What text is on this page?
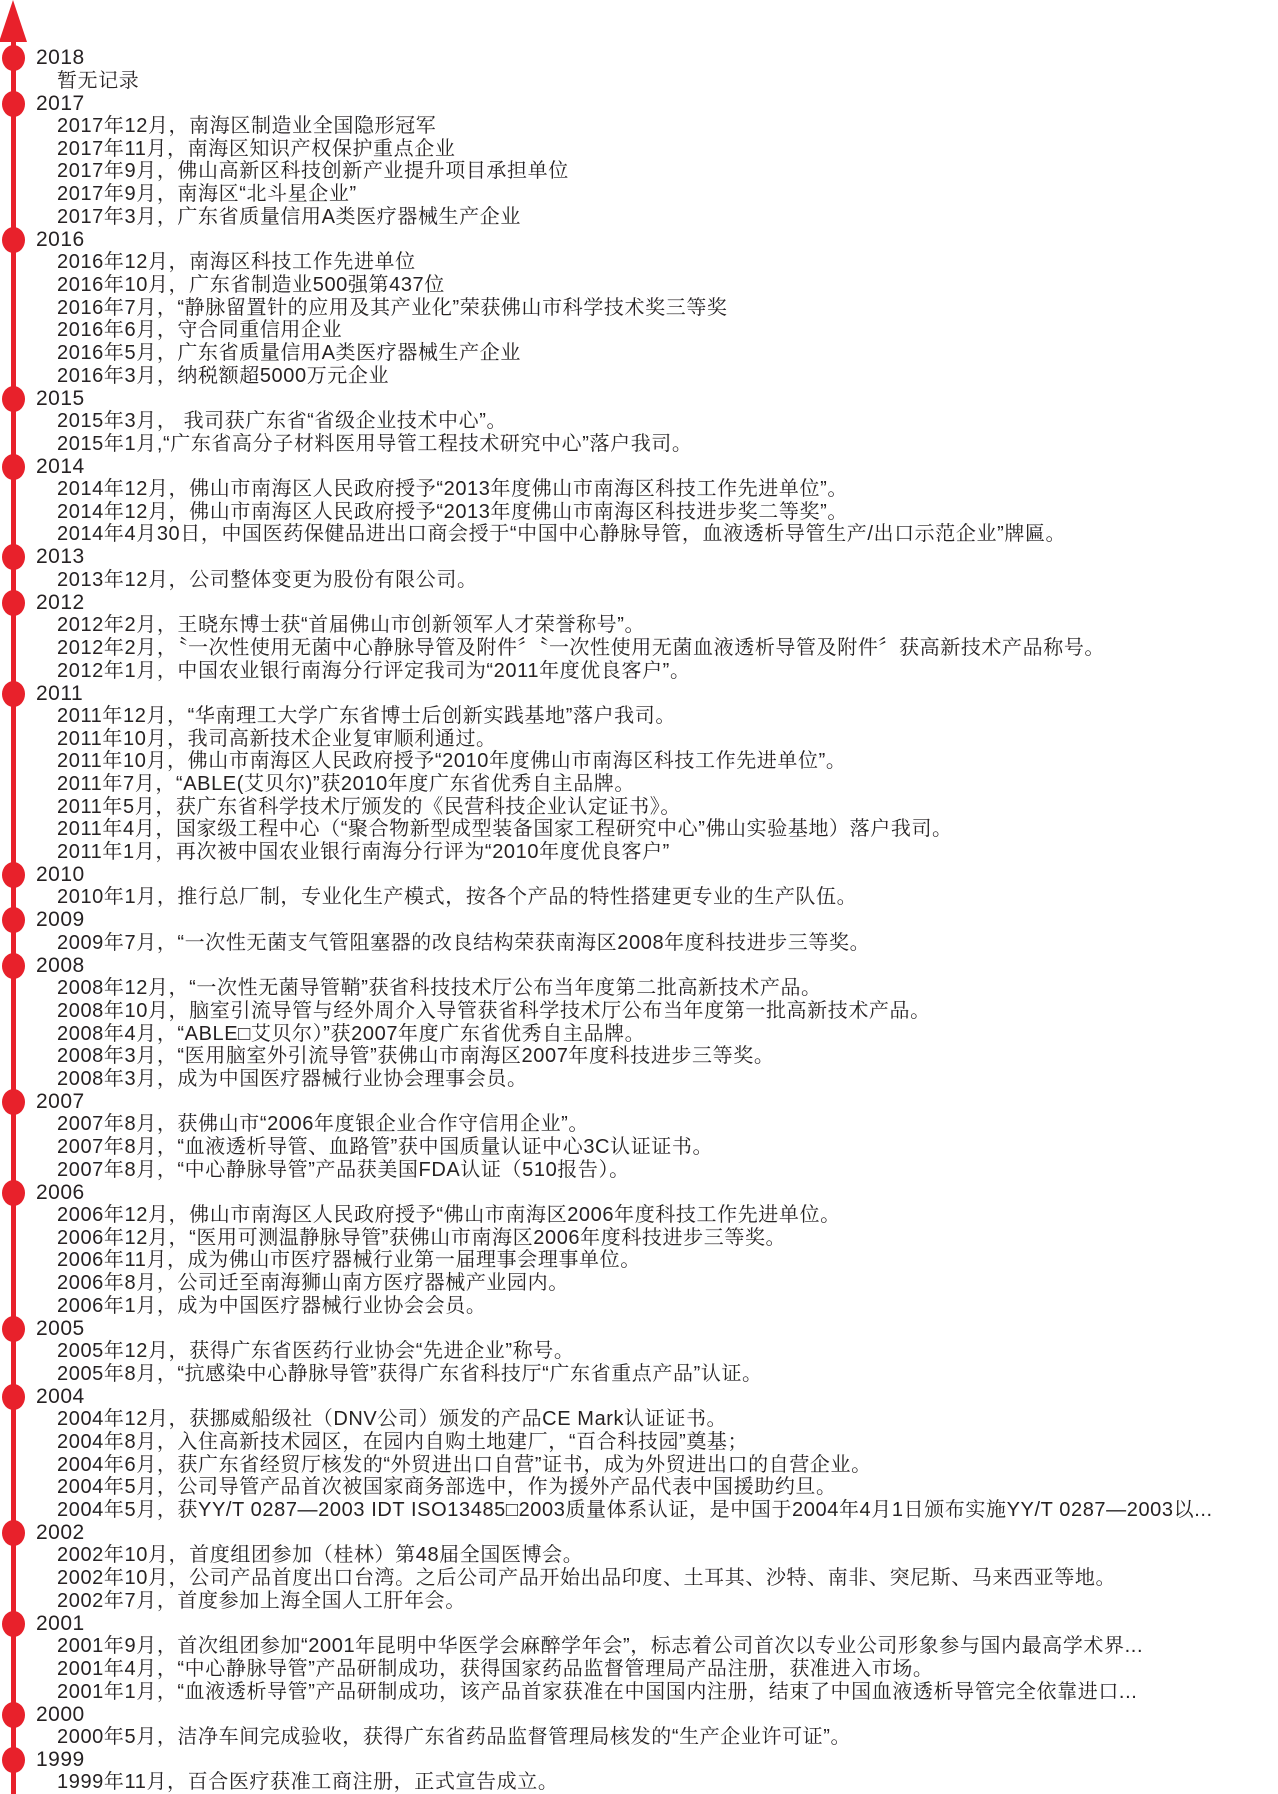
2018
暂无记录
2017
2017年12月，南海区制造业全国隐形冠军
2017年11月，南海区知识产权保护重点企业
2017年9月，佛山高新区科技创新产业提升项目承担单位
2017年9月，南海区“北斗星企业”
2017年3月，广东省质量信用A类医疗器械生产企业
2016
2016年12月，南海区科技工作先进单位
2016年10月，广东省制造业500强第437位
2016年7月，“静脉留置针的应用及其产业化”荣获佛山市科学技术奖三等奖
2016年6月，守合同重信用企业
2016年5月，广东省质量信用A类医疗器械生产企业
2016年3月，纳税额超5000万元企业
2015
2015年3月， 我司获广东省“省级企业技术中心”。
2015年1月,“广东省高分子材料医用导管工程技术研究中心”落户我司。
2014
2014年12月，佛山市南海区人民政府授予“2013年度佛山市南海区科技工作先进单位”。
2014年12月，佛山市南海区人民政府授予“2013年度佛山市南海区科技进步奖二等奖”。
2014年4月30日，中国医药保健品进出口商会授于“中国中心静脉导管，血液透析导管生产/出口示范企业”牌匾。
2013
2013年12月，公司整体变更为股份有限公司。
2012
2012年2月，王晓东博士获“首届佛山市创新领军人才荣誉称号”。
2012年2月，〝一次性使用无菌中心静脉导管及附件〞〝一次性使用无菌血液透析导管及附件〞获高新技术产品称号。
2012年1月，中国农业银行南海分行评定我司为“2011年度优良客户”。
2011
2011年12月，“华南理工大学广东省博士后创新实践基地”落户我司。
2011年10月，我司高新技术企业复审顺利通过。
2011年10月，佛山市南海区人民政府授予“2010年度佛山市南海区科技工作先进单位”。
2011年7月，“ABLE(艾贝尔)”获2010年度广东省优秀自主品牌。
2011年5月，获广东省科学技术厅颁发的《民营科技企业认定证书》。
2011年4月，国家级工程中心（“聚合物新型成型装备国家工程研究中心”佛山实验基地）落户我司。
2011年1月，再次被中国农业银行南海分行评为“2010年度优良客户”
2010
2010年1月，推行总厂制，专业化生产模式，按各个产品的特性搭建更专业的生产队伍。
2009
2009年7月，“一次性无菌支气管阻塞器的改良结构荣获南海区2008年度科技进步三等奖。
2008
2008年12月，“一次性无菌导管鞘”获省科技技术厅公布当年度第二批高新技术产品。
2008年10月，脑室引流导管与经外周介入导管获省科学技术厅公布当年度第一批高新技术产品。
2008年4月，“ABLE□艾贝尔）”获2007年度广东省优秀自主品牌。
2008年3月，“医用脑室外引流导管”获佛山市南海区2007年度科技进步三等奖。
2008年3月，成为中国医疗器械行业协会理事会员。
2007
2007年8月，获佛山市“2006年度银企业合作守信用企业”。
2007年8月，“血液透析导管、血路管”获中国质量认证中心3C认证证书。
2007年8月，“中心静脉导管”产品获美国FDA认证（510报告）。
2006
2006年12月，佛山市南海区人民政府授予“佛山市南海区2006年度科技工作先进单位。
2006年12月，“医用可测温静脉导管”获佛山市南海区2006年度科技进步三等奖。
2006年11月，成为佛山市医疗器械行业第一届理事会理事单位。
2006年8月，公司迁至南海狮山南方医疗器械产业园内。
2006年1月，成为中国医疗器械行业协会会员。
2005
2005年12月，获得广东省医药行业协会“先进企业”称号。
2005年8月，“抗感染中心静脉导管”获得广东省科技厅“广东省重点产品”认证。
2004
2004年12月，获挪威船级社（DNV公司）颁发的产品CE Mark认证证书。
2004年8月，入住高新技术园区，在园内自购土地建厂，“百合科技园”奠基；
2004年6月，获广东省经贸厅核发的“外贸进出口自营”证书，成为外贸进出口的自营企业。
2004年5月，公司导管产品首次被国家商务部选中，作为援外产品代表中国援助约旦。
2004年5月，获YY/T 0287—2003 IDT ISO13485□2003质量体系认证，是中国于2004年4月1日颁布实施YY/T 0287—2003以...
2002
2002年10月，首度组团参加（桂林）第48届全国医博会。
2002年10月，公司产品首度出口台湾。之后公司产品开始出品印度、土耳其、沙特、南非、突尼斯、马来西亚等地。
2002年7月，首度参加上海全国人工肝年会。
2001
2001年9月，首次组团参加“2001年昆明中华医学会麻醉学年会”，标志着公司首次以专业公司形象参与国内最高学术界...
2001年4月，“中心静脉导管”产品研制成功，获得国家药品监督管理局产品注册，获准进入市场。
2001年1月，“血液透析导管”产品研制成功，该产品首家获准在中国国内注册，结束了中国血液透析导管完全依靠进口...
2000
2000年5月，洁净车间完成验收，获得广东省药品监督管理局核发的“生产企业许可证”。
1999
1999年11月，百合医疗获准工商注册，正式宣告成立。
